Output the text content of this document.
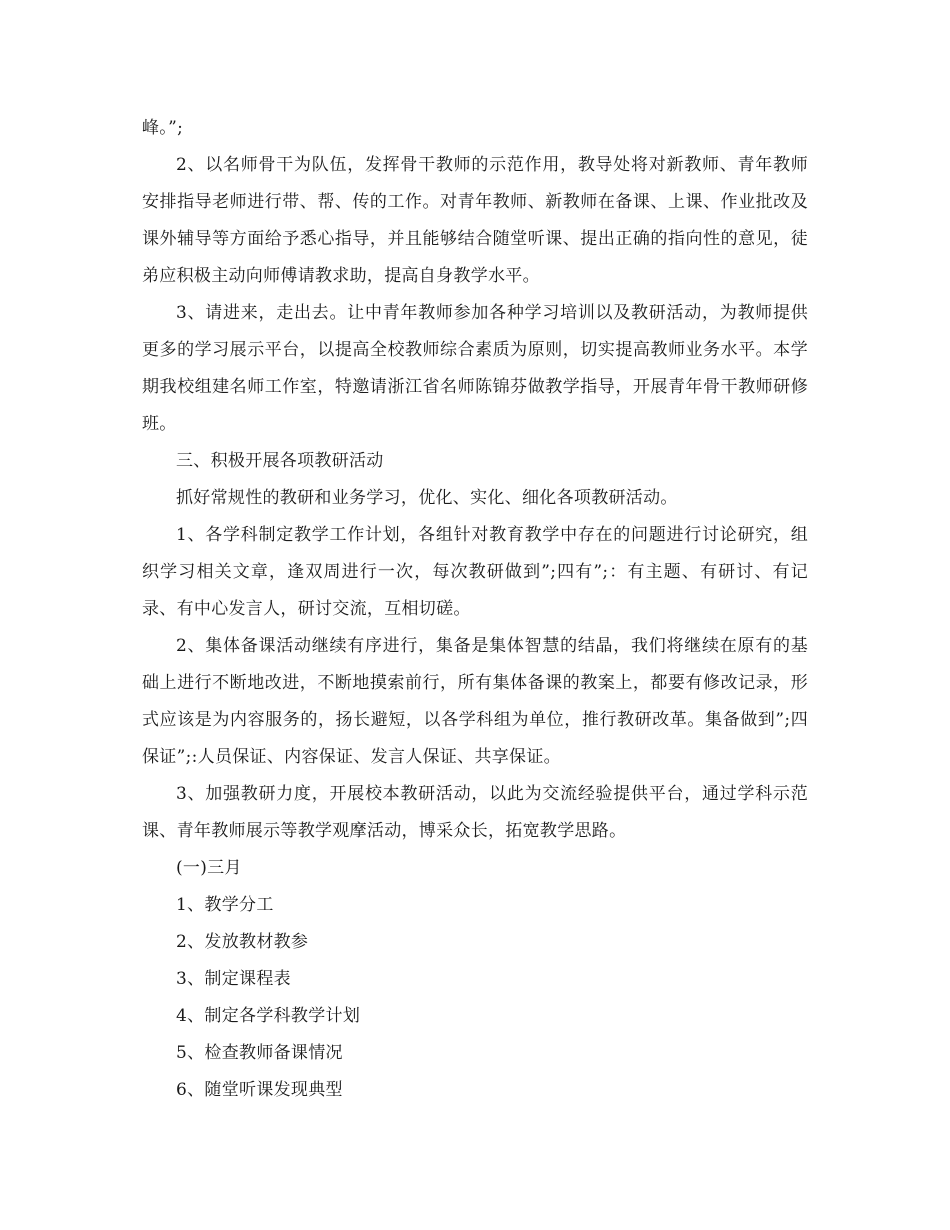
峰。”;

2、以名师骨干为队伍，发挥骨干教师的示范作用，教导处将对新教师、青年教师安排指导老师进行带、帮、传的工作。对青年教师、新教师在备课、上课、作业批改及课外辅导等方面给予悉心指导，并且能够结合随堂听课、提出正确的指向性的意见，徒弟应积极主动向师傅请教求助，提高自身教学水平。

3、请进来，走出去。让中青年教师参加各种学习培训以及教研活动，为教师提供更多的学习展示平台，以提高全校教师综合素质为原则，切实提高教师业务水平。本学期我校组建名师工作室，特邀请浙江省名师陈锦芬做教学指导，开展青年骨干教师研修班。

三、积极开展各项教研活动

抓好常规性的教研和业务学习，优化、实化、细化各项教研活动。

1、各学科制定教学工作计划，各组针对教育教学中存在的问题进行讨论研究，组织学习相关文章，逢双周进行一次，每次教研做到”;四有”;：有主题、有研讨、有记录、有中心发言人，研讨交流，互相切磋。

2、集体备课活动继续有序进行，集备是集体智慧的结晶，我们将继续在原有的基础上进行不断地改进，不断地摸索前行，所有集体备课的教案上，都要有修改记录，形式应该是为内容服务的，扬长避短，以各学科组为单位，推行教研改革。集备做到”;四保证”;:人员保证、内容保证、发言人保证、共享保证。

3、加强教研力度，开展校本教研活动，以此为交流经验提供平台，通过学科示范课、青年教师展示等教学观摩活动，博采众长，拓宽教学思路。

(一)三月

1、教学分工

2、发放教材教参

3、制定课程表

4、制定各学科教学计划

5、检查教师备课情况

6、随堂听课发现典型
